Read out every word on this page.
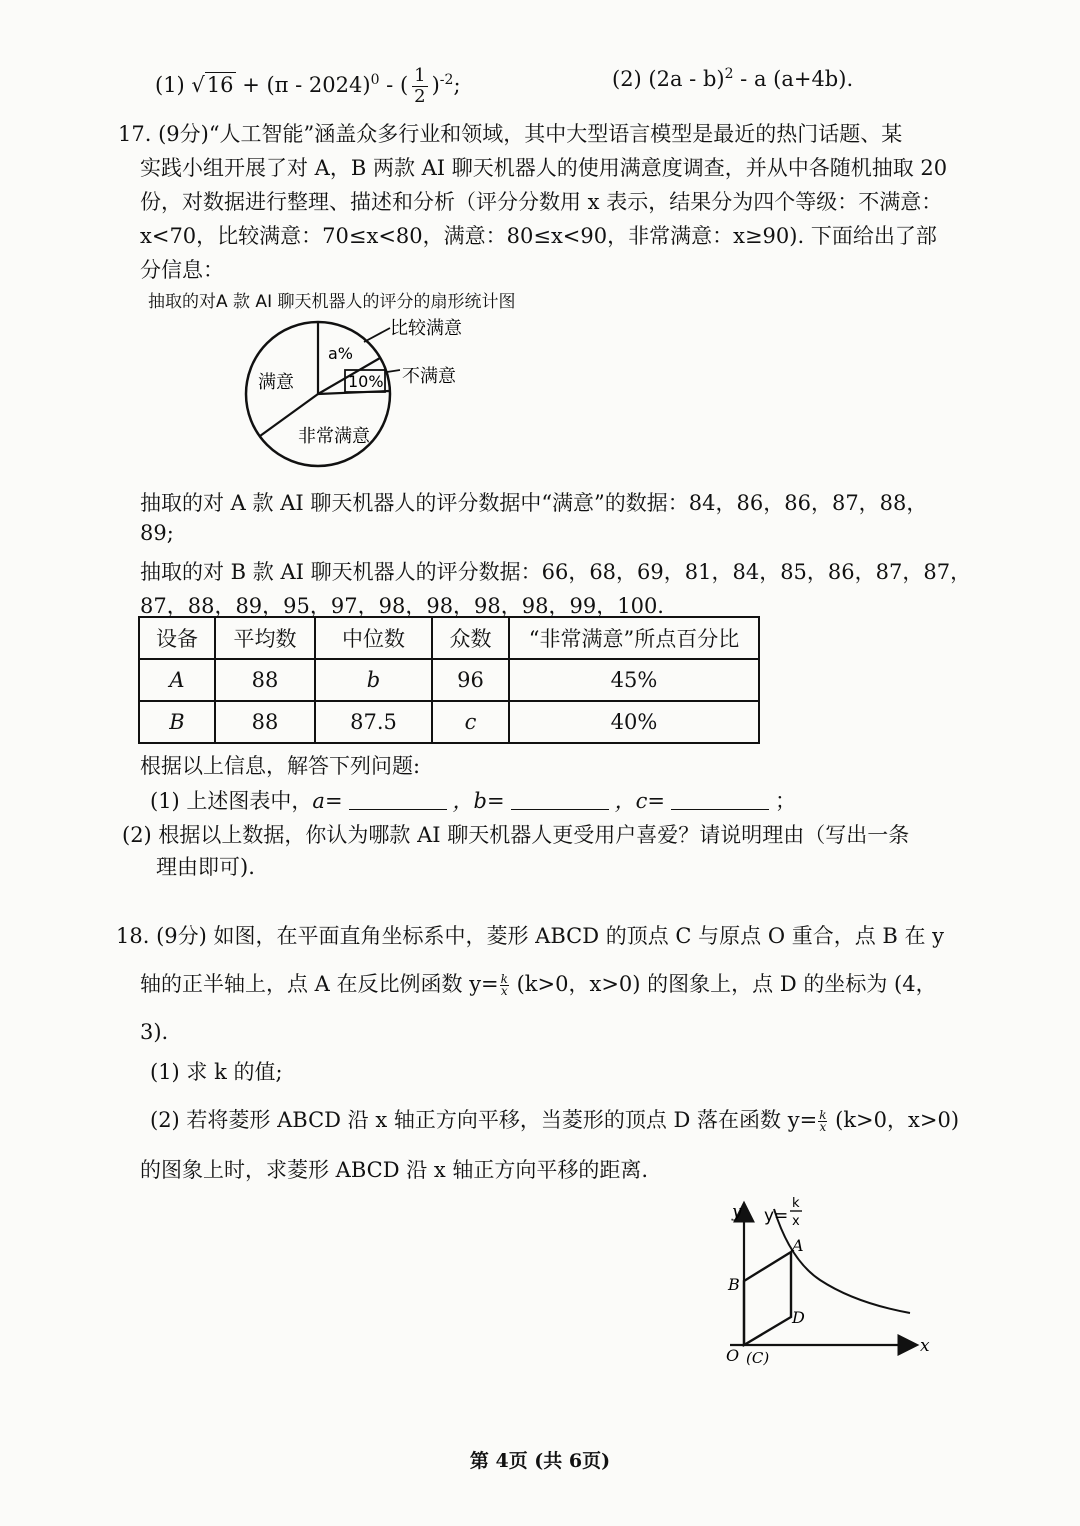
(1) √16 + (π - 2024)$^0$ - ( $\frac{1}{2} )^{-2}$;	(2) (2a - b)$^2$ - a (a+4b).
17. (9分)“人工智能”涵盖众多行业和领域，其中大型语言模型是最近的热门话题、某
实践小组开展了对 A，B 两款 AI 聊天机器人的使用满意度调查，并从中各随机抽取 20
份，对数据进行整理、描述和分析（评分分数用 x 表示，结果分为四个等级：不满意：
x<70，比较满意：70≤x<80，满意：80≤x<90，非常满意：x≥90). 下面给出了部
分信息：
抽取的对A 款 AI 聊天机器人的评分的扇形统计图
a%
10%
满意
非常满意
比较满意
不满意
抽取的对 A 款 AI 聊天机器人的评分数据中“满意”的数据：84，86，86，87，88，
89;
抽取的对 B 款 AI 聊天机器人的评分数据：66，68，69，81，84，85，86，87，87，
87，88，89，95，97，98，98，98，98，99，100.
设备	平均数	中位数	众数	“非常满意”所点百分比
A	88	b	96	45%
B	88	87.5	c	40%
根据以上信息，解答下列问题:
(1) 上述图表中，a=	，b=	，c=	；
(2) 根据以上数据，你认为哪款 AI 聊天机器人更受用户喜爱？请说明理由（写出一条
理由即可).
18. (9分) 如图，在平面直角坐标系中，菱形 ABCD 的顶点 C 与原点 O 重合，点 B 在 y
轴的正半轴上，点 A 在反比例函数 $y= \frac{k}{x} (k>0$，x>0) 的图象上，点 D 的坐标为 (4，
3).
(1) 求 k 的值;
(2) 若将菱形 ABCD 沿 x 轴正方向平移，当菱形的顶点 D 落在函数 $y= \frac{k}{x} (k>0$，x>0)
的图象上时，求菱形 ABCD 沿 x 轴正方向平移的距离.
y
x
y=
k
x
A
B
D
O (C)
第 4页 (共 6页)
